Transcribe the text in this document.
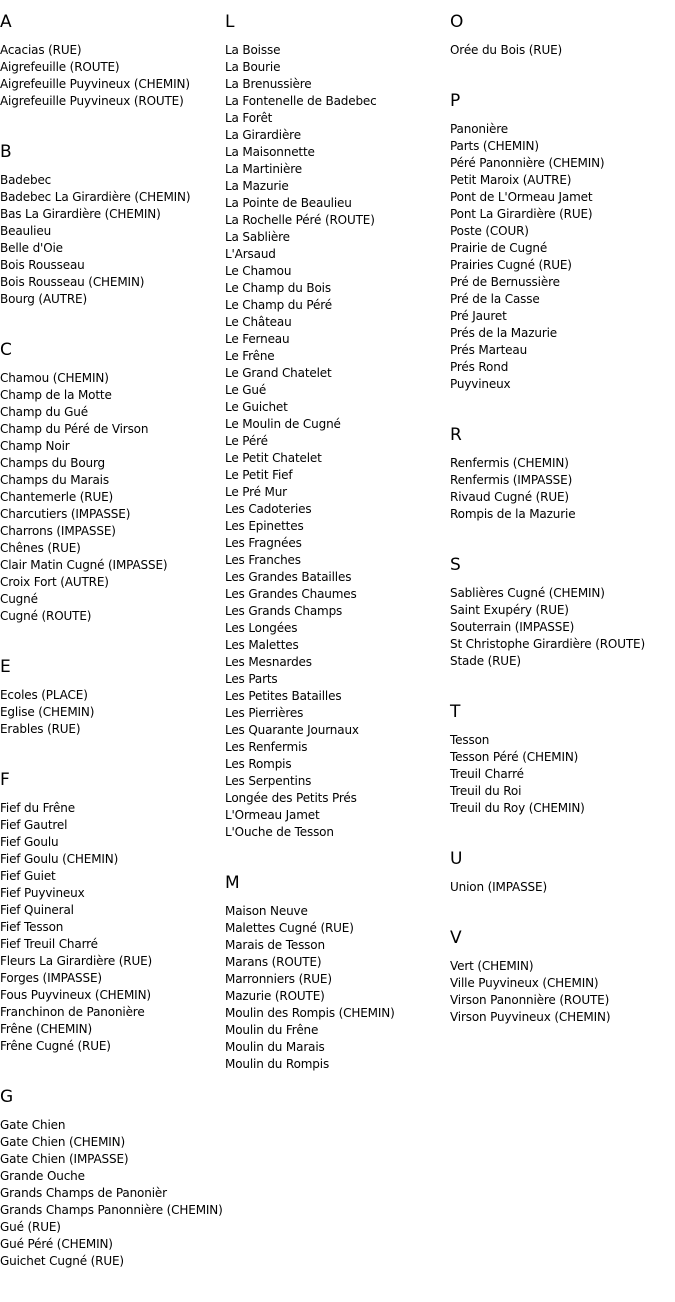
A
Acacias (RUE)
Aigrefeuille (ROUTE)
Aigrefeuille Puyvineux (CHEMIN)
Aigrefeuille Puyvineux (ROUTE)
B
Badebec
Badebec La Girardière (CHEMIN)
Bas La Girardière (CHEMIN)
Beaulieu
Belle d'Oie
Bois Rousseau
Bois Rousseau (CHEMIN)
Bourg (AUTRE)
C
Chamou (CHEMIN)
Champ de la Motte
Champ du Gué
Champ du Péré de Virson
Champ Noir
Champs du Bourg
Champs du Marais
Chantemerle (RUE)
Charcutiers (IMPASSE)
Charrons (IMPASSE)
Chênes (RUE)
Clair Matin Cugné (IMPASSE)
Croix Fort (AUTRE)
Cugné
Cugné (ROUTE)
E
Ecoles (PLACE)
Eglise (CHEMIN)
Erables (RUE)
F
Fief du Frêne
Fief Gautrel
Fief Goulu
Fief Goulu (CHEMIN)
Fief Guiet
Fief Puyvineux
Fief Quineral
Fief Tesson
Fief Treuil Charré
Fleurs La Girardière (RUE)
Forges (IMPASSE)
Fous Puyvineux (CHEMIN)
Franchinon de Panonière
Frêne (CHEMIN)
Frêne Cugné (RUE)
G
Gate Chien
Gate Chien (CHEMIN)
Gate Chien (IMPASSE)
Grande Ouche
Grands Champs de Panonièr
Grands Champs Panonnière (CHEMIN)
Gué (RUE)
Gué Péré (CHEMIN)
Guichet Cugné (RUE)
L
La Boisse
La Bourie
La Brenussière
La Fontenelle de Badebec
La Forêt
La Girardière
La Maisonnette
La Martinière
La Mazurie
La Pointe de Beaulieu
La Rochelle Péré (ROUTE)
La Sablière
L'Arsaud
Le Chamou
Le Champ du Bois
Le Champ du Péré
Le Château
Le Ferneau
Le Frêne
Le Grand Chatelet
Le Gué
Le Guichet
Le Moulin de Cugné
Le Péré
Le Petit Chatelet
Le Petit Fief
Le Pré Mur
Les Cadoteries
Les Epinettes
Les Fragnées
Les Franches
Les Grandes Batailles
Les Grandes Chaumes
Les Grands Champs
Les Longées
Les Malettes
Les Mesnardes
Les Parts
Les Petites Batailles
Les Pierrières
Les Quarante Journaux
Les Renfermis
Les Rompis
Les Serpentins
Longée des Petits Prés
L'Ormeau Jamet
L'Ouche de Tesson
M
Maison Neuve
Malettes Cugné (RUE)
Marais de Tesson
Marans (ROUTE)
Marronniers (RUE)
Mazurie (ROUTE)
Moulin des Rompis (CHEMIN)
Moulin du Frêne
Moulin du Marais
Moulin du Rompis
O
Orée du Bois (RUE)
P
Panonière
Parts (CHEMIN)
Péré Panonnière (CHEMIN)
Petit Maroix (AUTRE)
Pont de L'Ormeau Jamet
Pont La Girardière (RUE)
Poste (COUR)
Prairie de Cugné
Prairies Cugné (RUE)
Pré de Bernussière
Pré de la Casse
Pré Jauret
Prés de la Mazurie
Prés Marteau
Prés Rond
Puyvineux
R
Renfermis (CHEMIN)
Renfermis (IMPASSE)
Rivaud Cugné (RUE)
Rompis de la Mazurie
S
Sablières Cugné (CHEMIN)
Saint Exupéry (RUE)
Souterrain (IMPASSE)
St Christophe Girardière (ROUTE)
Stade (RUE)
T
Tesson
Tesson Péré (CHEMIN)
Treuil Charré
Treuil du Roi
Treuil du Roy (CHEMIN)
U
Union (IMPASSE)
V
Vert (CHEMIN)
Ville Puyvineux (CHEMIN)
Virson Panonnière (ROUTE)
Virson Puyvineux (CHEMIN)
